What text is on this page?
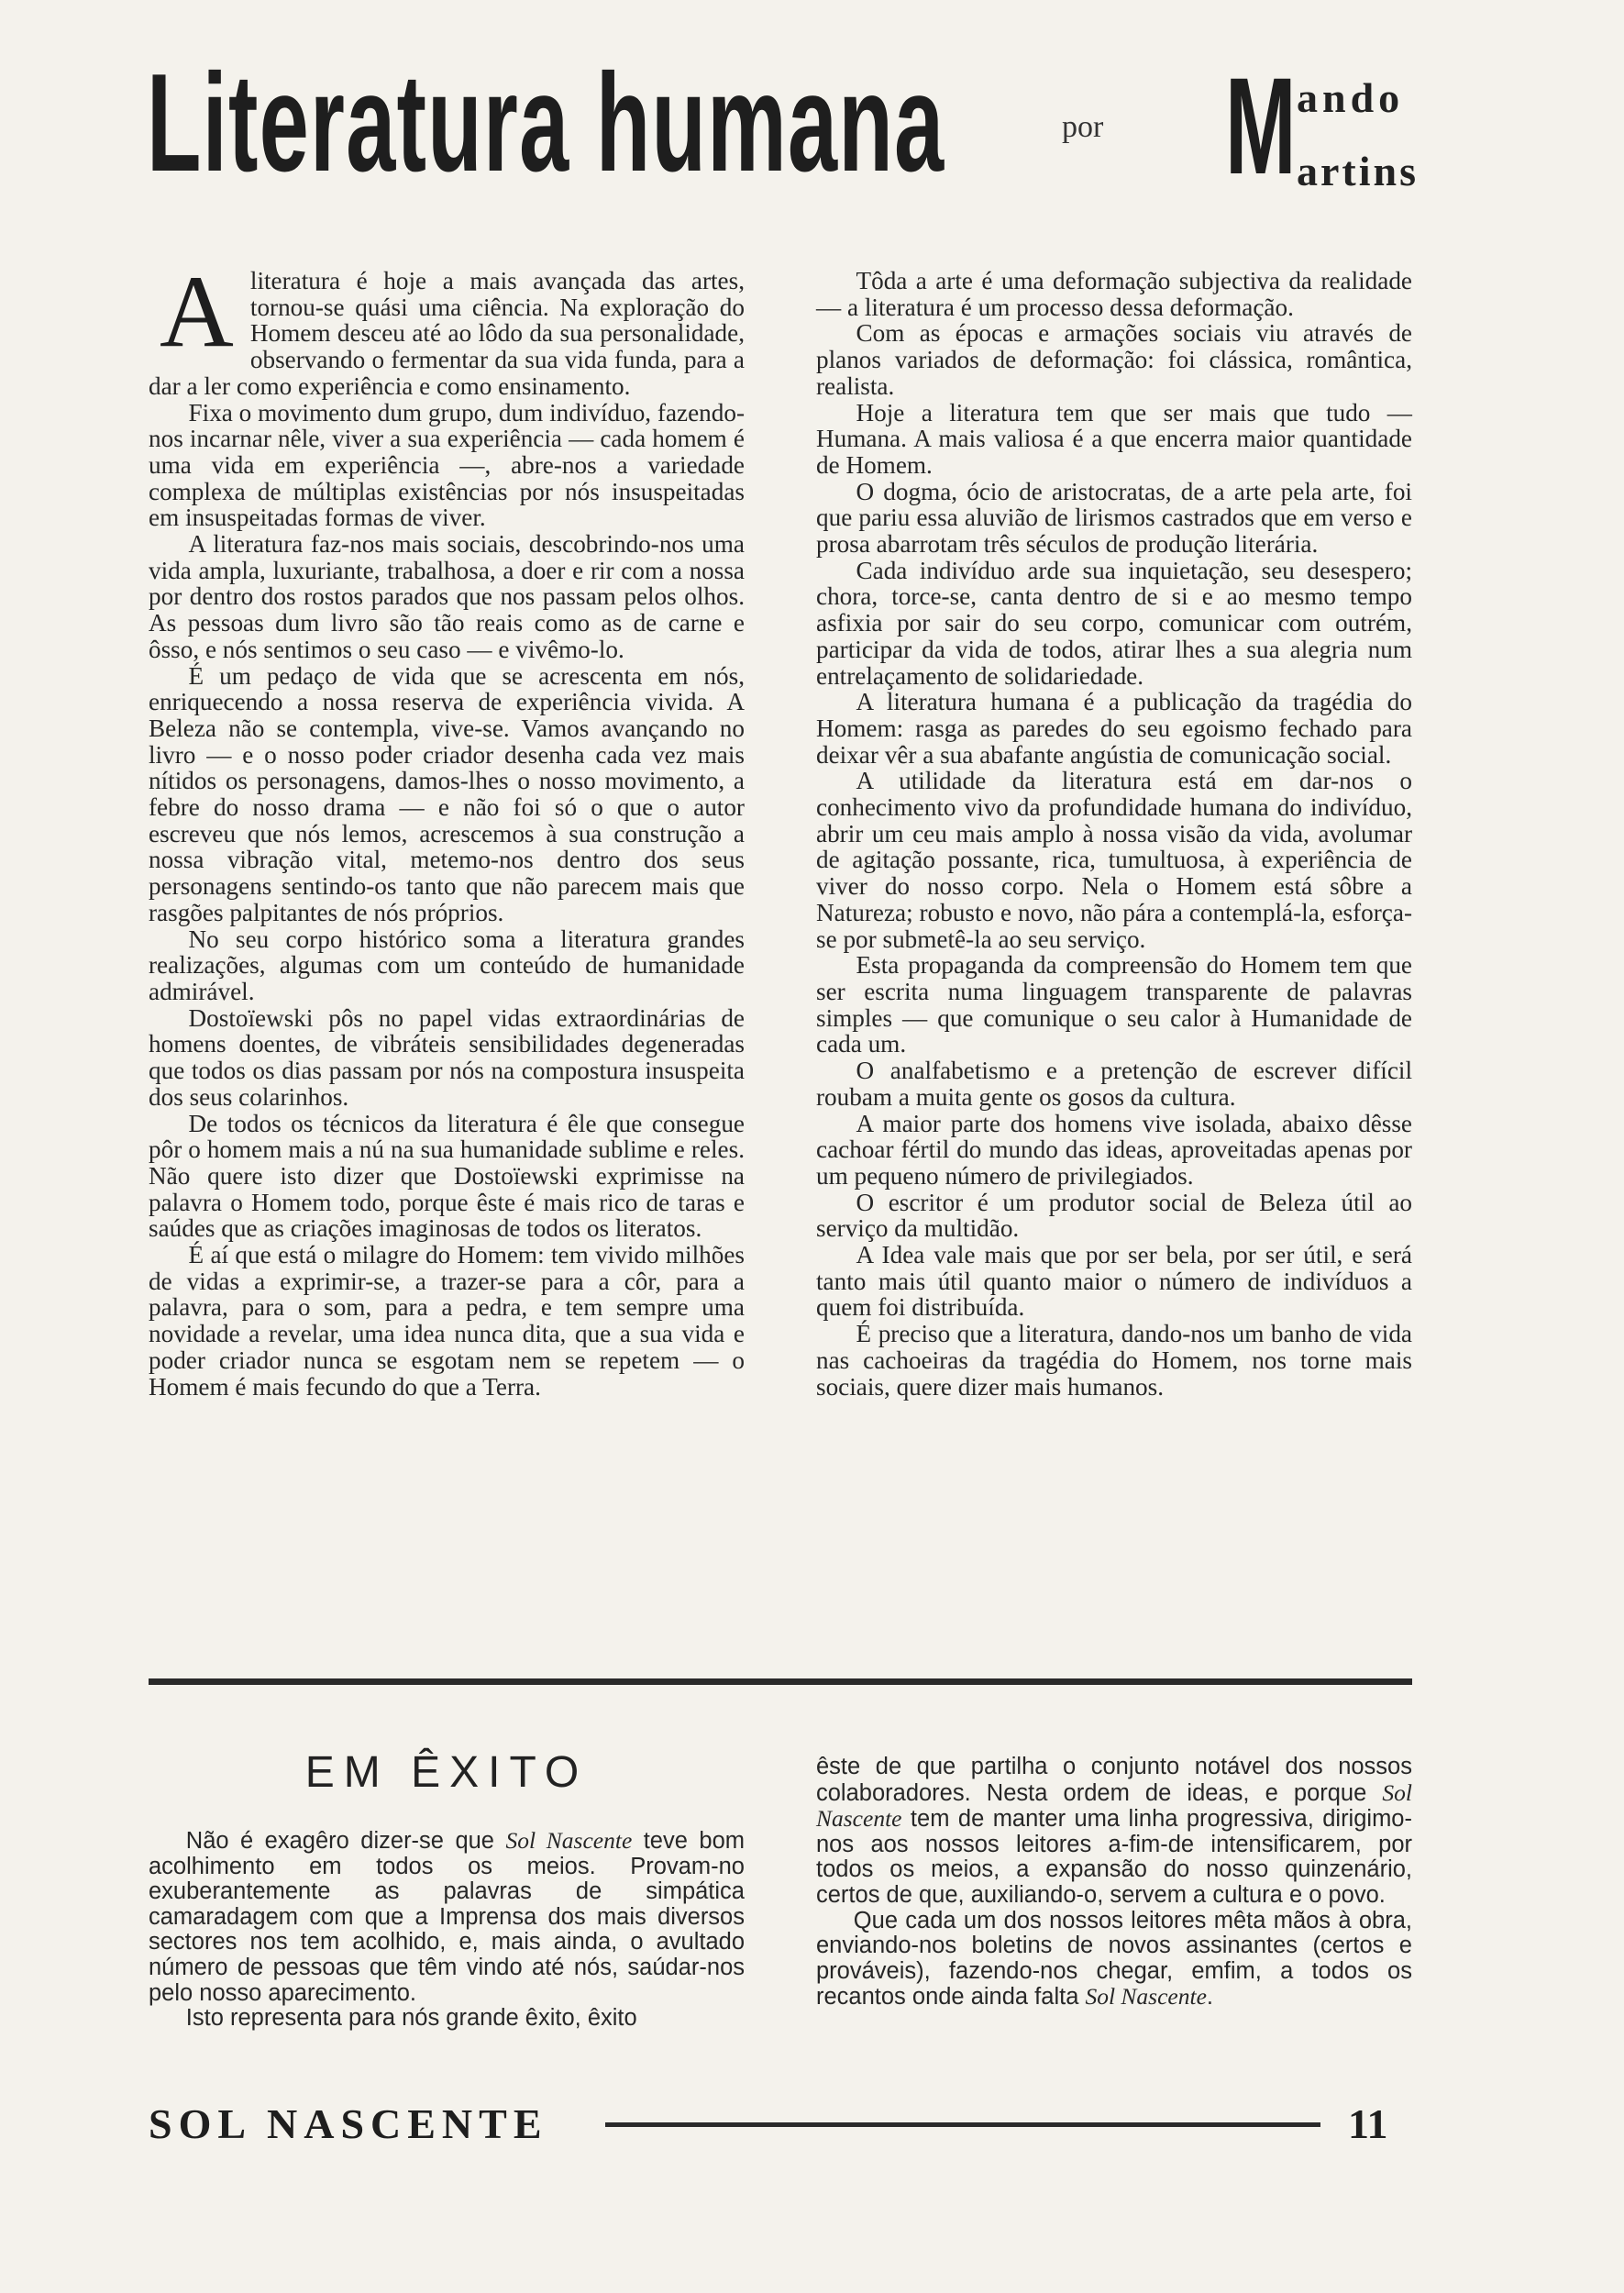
Literatura humana	por M ando
artins

Aliteratura é hoje a mais avançada das artes, tornou-se quási uma ciência. Na exploração do Homem desceu até ao lôdo da sua personalidade, observando o fermentar da sua vida funda, para a dar a ler como experiência e como ensinamento.

Fixa o movimento dum grupo, dum indivíduo, fazendo-nos incarnar nêle, viver a sua experiência — cada homem é uma vida em experiência —, abre-nos a variedade complexa de múltiplas existências por nós insuspeitadas em insuspeitadas formas de viver.

A literatura faz-nos mais sociais, descobrindo-nos uma vida ampla, luxuriante, trabalhosa, a doer e rir com a nossa por dentro dos rostos parados que nos passam pelos olhos. As pessoas dum livro são tão reais como as de carne e ôsso, e nós sentimos o seu caso — e vivêmo-lo.

É um pedaço de vida que se acrescenta em nós, enriquecendo a nossa reserva de experiência vivida. A Beleza não se contempla, vive-se. Vamos avançando no livro — e o nosso poder criador desenha cada vez mais nítidos os personagens, damos-lhes o nosso movimento, a febre do nosso drama — e não foi só o que o autor escreveu que nós lemos, acrescemos à sua construção a nossa vibração vital, metemo-nos dentro dos seus personagens sentindo-os tanto que não parecem mais que rasgões palpitantes de nós próprios.

No seu corpo histórico soma a literatura grandes realizações, algumas com um conteúdo de humanidade admirável.

Dostoïewski pôs no papel vidas extraordinárias de homens doentes, de vibráteis sensibilidades degeneradas que todos os dias passam por nós na compostura insuspeita dos seus colarinhos.

De todos os técnicos da literatura é êle que consegue pôr o homem mais a nú na sua humanidade sublime e reles. Não quere isto dizer que Dostoïewski exprimisse na palavra o Homem todo, porque êste é mais rico de taras e saúdes que as criações imaginosas de todos os literatos.

É aí que está o milagre do Homem: tem vivido milhões de vidas a exprimir-se, a trazer-se para a côr, para a palavra, para o som, para a pedra, e tem sempre uma novidade a revelar, uma idea nunca dita, que a sua vida e poder criador nunca se esgotam nem se repetem — o Homem é mais fecundo do que a Terra.

Tôda a arte é uma deformação subjectiva da realidade — a literatura é um processo dessa deformação.

Com as épocas e armações sociais viu através de planos variados de deformação: foi clássica, romântica, realista.

Hoje a literatura tem que ser mais que tudo — Humana. A mais valiosa é a que encerra maior quantidade de Homem.

O dogma, ócio de aristocratas, de a arte pela arte, foi que pariu essa aluvião de lirismos castrados que em verso e prosa abarrotam três séculos de produção literária.

Cada indivíduo arde sua inquietação, seu desespero; chora, torce-se, canta dentro de si e ao mesmo tempo asfixia por sair do seu corpo, comunicar com outrém, participar da vida de todos, atirar lhes a sua alegria num entrelaçamento de solidariedade.

A literatura humana é a publicação da tragédia do Homem: rasga as paredes do seu egoismo fechado para deixar vêr a sua abafante angústia de comunicação social.

A utilidade da literatura está em dar-nos o conhecimento vivo da profundidade humana do indivíduo, abrir um ceu mais amplo à nossa visão da vida, avolumar de agitação possante, rica, tumultuosa, à experiência de viver do nosso corpo. Nela o Homem está sôbre a Natureza; robusto e novo, não pára a contemplá-la, esforça-se por submetê-la ao seu serviço.

Esta propaganda da compreensão do Homem tem que ser escrita numa linguagem transparente de palavras simples — que comunique o seu calor à Humanidade de cada um.

O analfabetismo e a pretenção de escrever difícil roubam a muita gente os gosos da cultura.

A maior parte dos homens vive isolada, abaixo dêsse cachoar fértil do mundo das ideas, aproveitadas apenas por um pequeno número de privilegiados.

O escritor é um produtor social de Beleza útil ao serviço da multidão.

A Idea vale mais que por ser bela, por ser útil, e será tanto mais útil quanto maior o número de indivíduos a quem foi distribuída.

É preciso que a literatura, dando-nos um banho de vida nas cachoeiras da tragédia do Homem, nos torne mais sociais, quere dizer mais humanos.

EM ÊXITO

Não é exagêro dizer-se que Sol Nascente teve bom acolhimento em todos os meios. Provam-no exuberantemente as palavras de simpática camaradagem com que a Imprensa dos mais diversos sectores nos tem acolhido, e, mais ainda, o avultado número de pessoas que têm vindo até nós, saúdar-nos pelo nosso aparecimento.

Isto representa para nós grande êxito, êxito

êste de que partilha o conjunto notável dos nossos colaboradores. Nesta ordem de ideas, e porque Sol Nascente tem de manter uma linha progressiva, dirigimo-nos aos nossos leitores a-fim-de intensificarem, por todos os meios, a expansão do nosso quinzenário, certos de que, auxiliando-o, servem a cultura e o povo.

Que cada um dos nossos leitores mêta mãos à obra, enviando-nos boletins de novos assinantes (certos e prováveis), fazendo-nos chegar, emfim, a todos os recantos onde ainda falta Sol Nascente.

SOL NASCENTE	11
